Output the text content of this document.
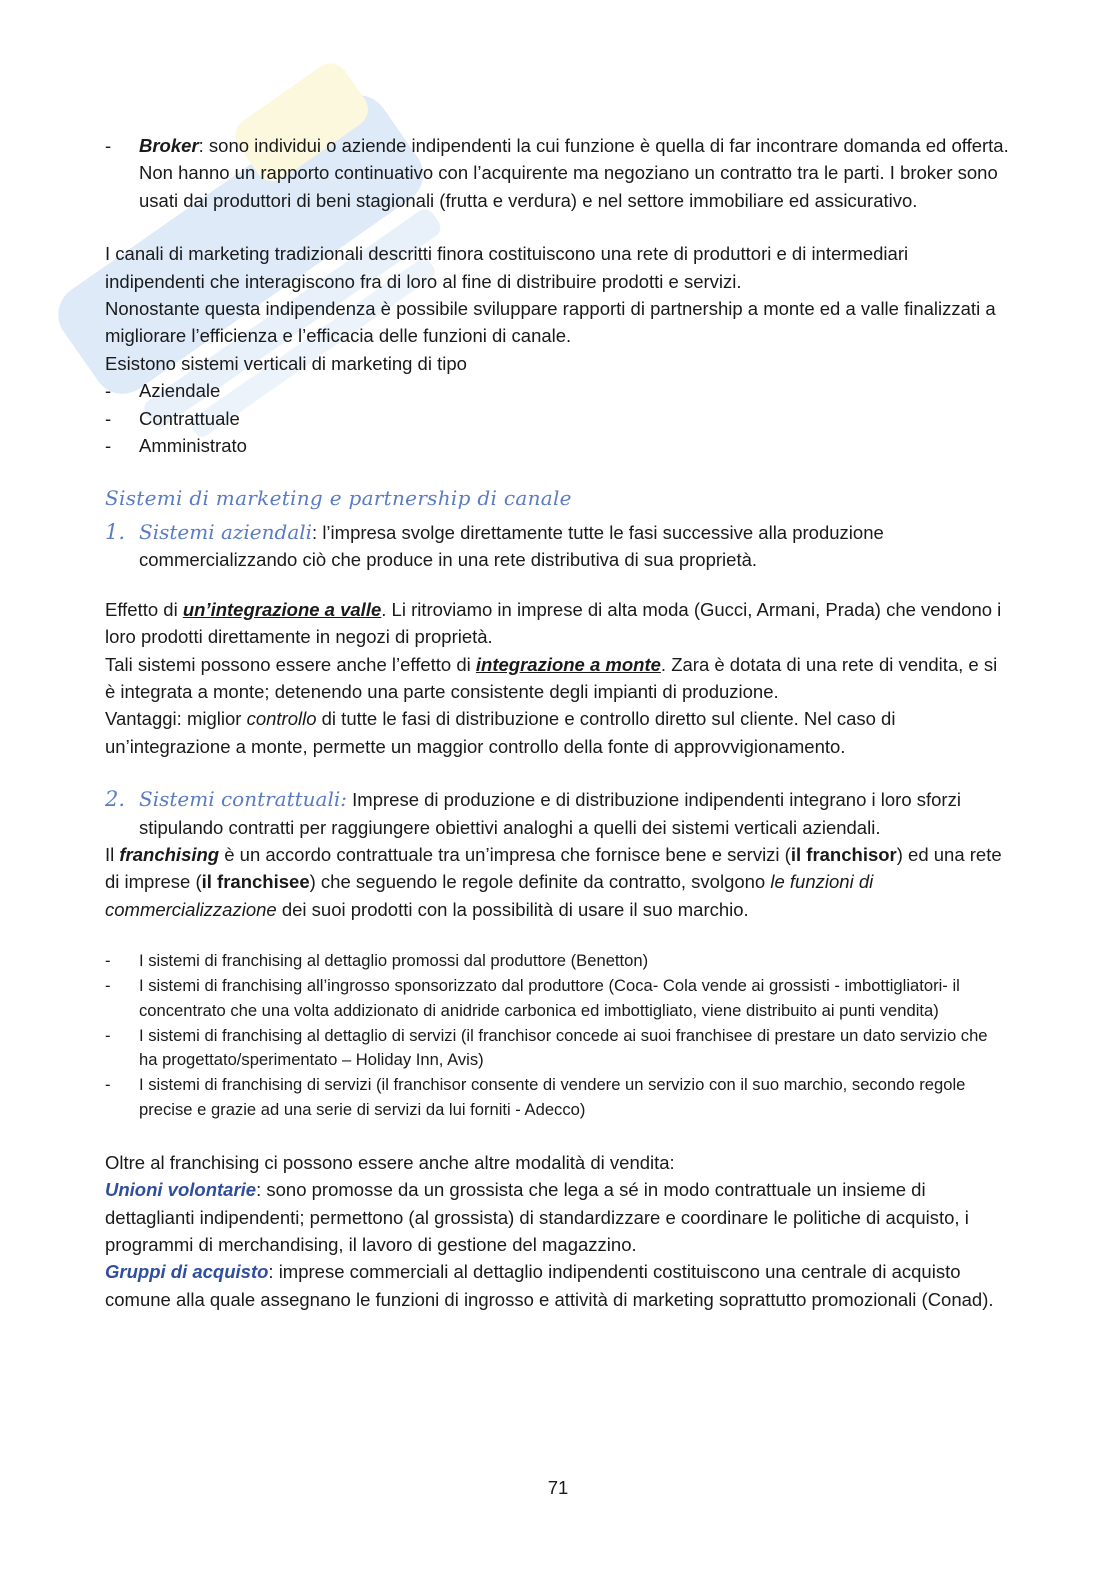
- Broker: sono individui o aziende indipendenti la cui funzione è quella di far incontrare domanda ed offerta. Non hanno un rapporto continuativo con l’acquirente ma negoziano un contratto tra le parti. I broker sono usati dai produttori di beni stagionali (frutta e verdura) e nel settore immobiliare ed assicurativo.

I canali di marketing tradizionali descritti finora costituiscono una rete di produttori e di intermediari indipendenti che interagiscono fra di loro al fine di distribuire prodotti e servizi.

Nonostante questa indipendenza è possibile sviluppare rapporti di partnership a monte ed a valle finalizzati a migliorare l’efficienza e l’efficacia delle funzioni di canale.

Esistono sistemi verticali di marketing di tipo

- Aziendale
- Contrattuale
- Amministrato
Sistemi di marketing e partnership di canale

1. Sistemi aziendali: l’impresa svolge direttamente tutte le fasi successive alla produzione commercializzando ciò che produce in una rete distributiva di sua proprietà.

Effetto di un’integrazione a valle. Li ritroviamo in imprese di alta moda (Gucci, Armani, Prada) che vendono i loro prodotti direttamente in negozi di proprietà.

Tali sistemi possono essere anche l’effetto di integrazione a monte. Zara è dotata di una rete di vendita, e si è integrata a monte; detenendo una parte consistente degli impianti di produzione.

Vantaggi: miglior controllo di tutte le fasi di distribuzione e controllo diretto sul cliente. Nel caso di un’integrazione a monte, permette un maggior controllo della fonte di approvvigionamento.

2. Sistemi contrattuali: Imprese di produzione e di distribuzione indipendenti integrano i loro sforzi stipulando contratti per raggiungere obiettivi analoghi a quelli dei sistemi verticali aziendali.

Il franchising è un accordo contrattuale tra un’impresa che fornisce bene e servizi (il franchisor) ed una rete di imprese (il franchisee) che seguendo le regole definite da contratto, svolgono le funzioni di commercializzazione dei suoi prodotti con la possibilità di usare il suo marchio.

- I sistemi di franchising al dettaglio promossi dal produttore (Benetton)
- I sistemi di franchising all’ingrosso sponsorizzato dal produttore (Coca- Cola vende ai grossisti - imbottigliatori- il concentrato che una volta addizionato di anidride carbonica ed imbottigliato, viene distribuito ai punti vendita)
- I sistemi di franchising al dettaglio di servizi (il franchisor concede ai suoi franchisee di prestare un dato servizio che ha progettato/sperimentato – Holiday Inn, Avis)
- I sistemi di franchising di servizi (il franchisor consente di vendere un servizio con il suo marchio, secondo regole precise e grazie ad una serie di servizi da lui forniti - Adecco)

Oltre al franchising ci possono essere anche altre modalità di vendita:

Unioni volontarie: sono promosse da un grossista che lega a sé in modo contrattuale un insieme di dettaglianti indipendenti; permettono (al grossista) di standardizzare e coordinare le politiche di acquisto, i programmi di merchandising, il lavoro di gestione del magazzino.

Gruppi di acquisto: imprese commerciali al dettaglio indipendenti costituiscono una centrale di acquisto comune alla quale assegnano le funzioni di ingrosso e attività di marketing soprattutto promozionali (Conad).

71
